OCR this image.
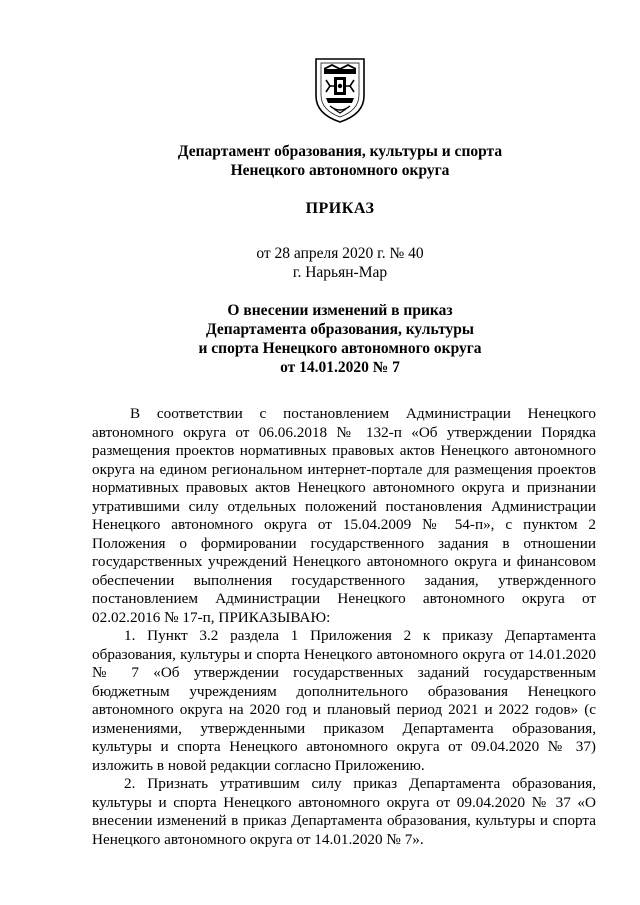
Департамент образования, культуры и спорта
Ненецкого автономного округа
ПРИКАЗ
от 28 апреля 2020 г. № 40
г. Нарьян-Мар
О внесении изменений в приказ
Департамента образования, культуры
и спорта Ненецкого автономного округа
от 14.01.2020 № 7

В соответствии с постановлением Администрации Ненецкого автономного округа от 06.06.2018 № 132-п «Об утверждении Порядка размещения проектов нормативных правовых актов Ненецкого автономного округа на едином региональном интернет-портале для размещения проектов нормативных правовых актов Ненецкого автономного округа и признании утратившими силу отдельных положений постановления Администрации Ненецкого автономного округа от 15.04.2009 № 54-п», с пунктом 2 Положения о формировании государственного задания в отношении государственных учреждений Ненецкого автономного округа и финансовом обеспечении выполнения государственного задания, утвержденного постановлением Администрации Ненецкого автономного округа от 02.02.2016 № 17-п, ПРИКАЗЫВАЮ:

1. Пункт 3.2 раздела 1 Приложения 2 к приказу Департамента образования, культуры и спорта Ненецкого автономного округа от 14.01.2020 № 7 «Об утверждении государственных заданий государственным бюджетным учреждениям дополнительного образования Ненецкого автономного округа на 2020 год и плановый период 2021 и 2022 годов» (с изменениями, утвержденными приказом Департамента образования, культуры и спорта Ненецкого автономного округа от 09.04.2020 № 37) изложить в новой редакции согласно Приложению.

2. Признать утратившим силу приказ Департамента образования, культуры и спорта Ненецкого автономного округа от 09.04.2020 № 37 «О внесении изменений в приказ Департамента образования, культуры и спорта Ненецкого автономного округа от 14.01.2020 № 7».
